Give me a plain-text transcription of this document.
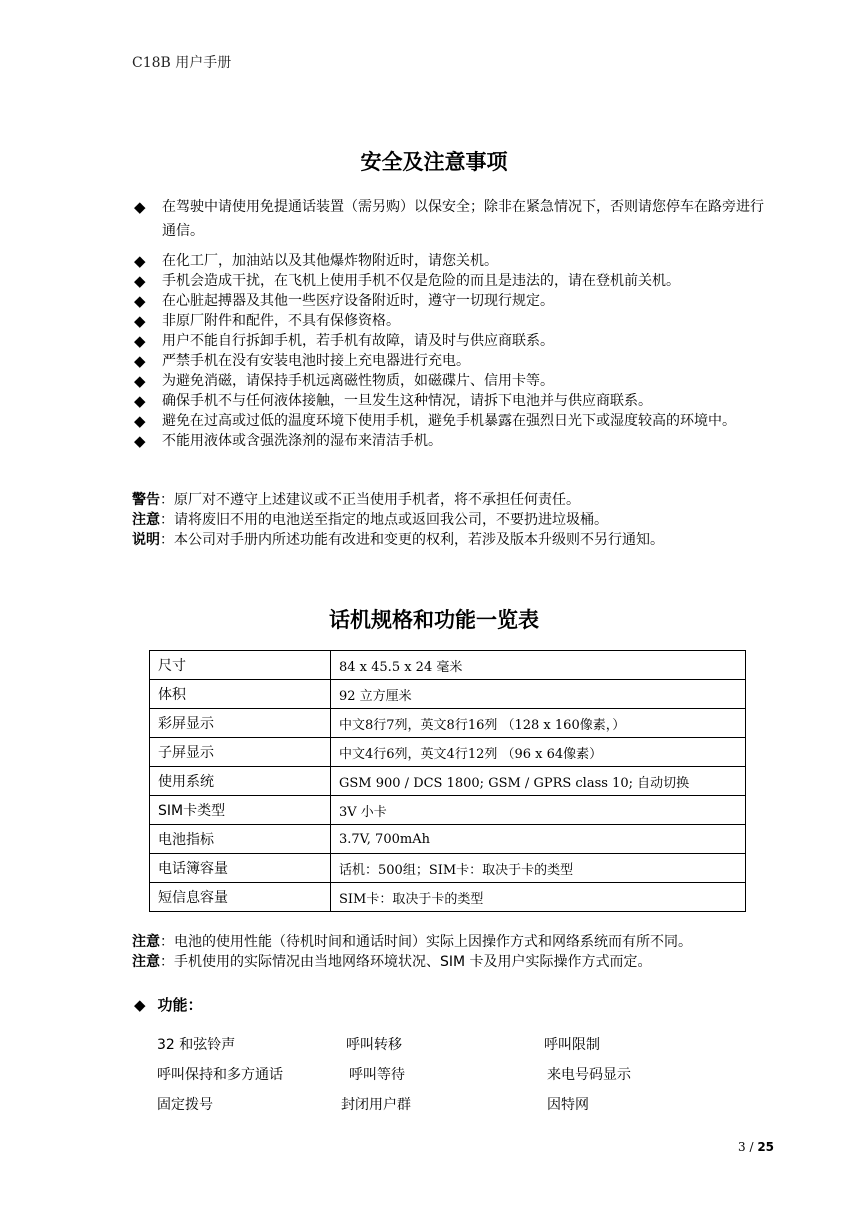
C18B 用户手册
安全及注意事项
◆ 在驾驶中请使用免提通话装置（需另购）以保安全；除非在紧急情况下，否则请您停车在路旁进行通信。
◆ 在化工厂，加油站以及其他爆炸物附近时，请您关机。
◆ 手机会造成干扰，在飞机上使用手机不仅是危险的而且是违法的，请在登机前关机。
◆ 在心脏起搏器及其他一些医疗设备附近时，遵守一切现行规定。
◆ 非原厂附件和配件，不具有保修资格。
◆ 用户不能自行拆卸手机，若手机有故障，请及时与供应商联系。
◆ 严禁手机在没有安装电池时接上充电器进行充电。
◆ 为避免消磁，请保持手机远离磁性物质，如磁碟片、信用卡等。
◆ 确保手机不与任何液体接触，一旦发生这种情况，请拆下电池并与供应商联系。
◆ 避免在过高或过低的温度环境下使用手机，避免手机暴露在强烈日光下或湿度较高的环境中。
◆ 不能用液体或含强洗涤剂的湿布来清洁手机。
警告：原厂对不遵守上述建议或不正当使用手机者，将不承担任何责任。
注意：请将废旧不用的电池送至指定的地点或返回我公司，不要扔进垃圾桶。
说明：本公司对手册内所述功能有改进和变更的权利，若涉及版本升级则不另行通知。
话机规格和功能一览表
尺寸	84 x 45.5 x 24 毫米
体积	92 立方厘米
彩屏显示	中文8行7列，英文8行16列 （128 x 160像素，）
子屏显示	中文4行6列，英文4行12列 （96 x 64像素）
使用系统	GSM 900 / DCS 1800; GSM / GPRS class 10; 自动切换
SIM卡类型	3V 小卡
电池指标	3.7V, 700mAh
电话簿容量	话机：500组；SIM卡：取决于卡的类型
短信息容量	SIM卡：取决于卡的类型
注意：电池的使用性能（待机时间和通话时间）实际上因操作方式和网络系统而有所不同。
注意：手机使用的实际情况由当地网络环境状况、SIM 卡及用户实际操作方式而定。
◆ 功能：
32 和弦铃声	呼叫转移	呼叫限制
呼叫保持和多方通话	呼叫等待	来电号码显示
固定拨号	封闭用户群	因特网
3 / 25
